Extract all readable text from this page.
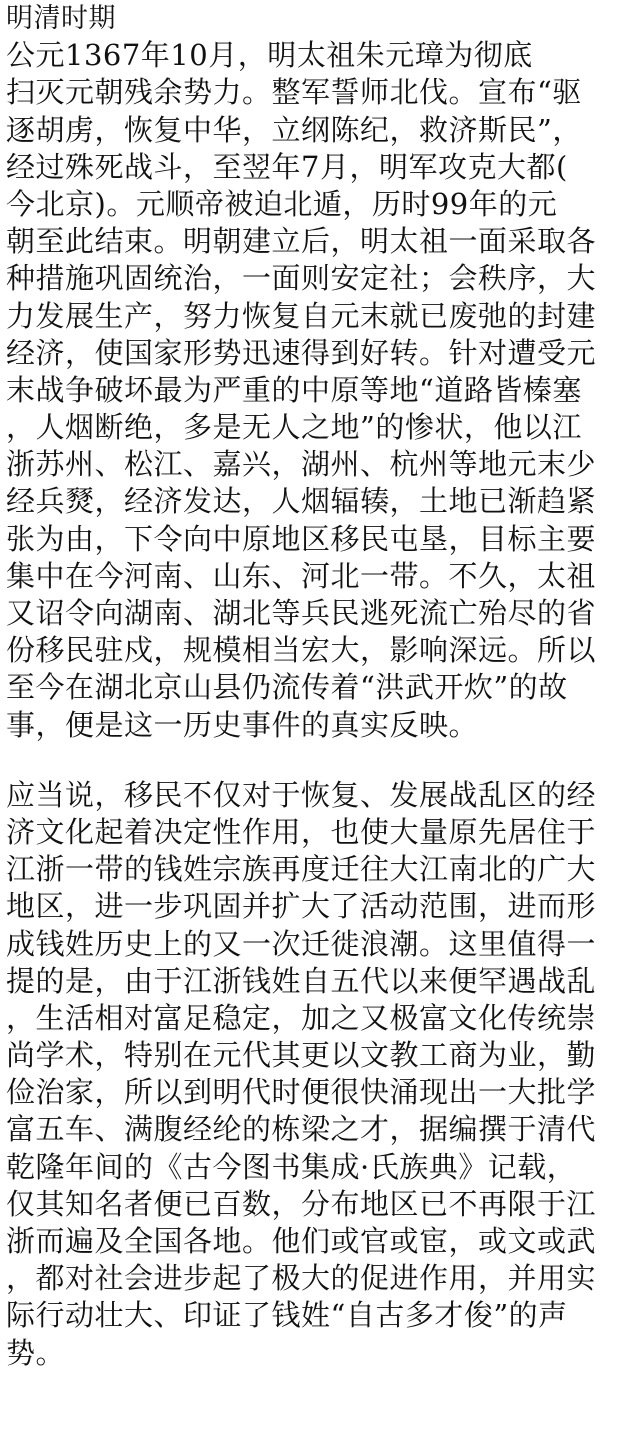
明清时期
公元1367年10月，明太祖朱元璋为彻底
扫灭元朝残余势力。整军誓师北伐。宣布“驱
逐胡虏，恢复中华，立纲陈纪，救济斯民”，
经过殊死战斗，至翌年7月，明军攻克大都(
今北京)。元顺帝被迫北遁，历时99年的元
朝至此结束。明朝建立后，明太祖一面采取各
种措施巩固统治，一面则安定社；会秩序，大
力发展生产，努力恢复自元末就已废弛的封建
经济，使国家形势迅速得到好转。针对遭受元
末战争破坏最为严重的中原等地“道路皆榛塞
，人烟断绝，多是无人之地”的惨状，他以江
浙苏州、松江、嘉兴，湖州、杭州等地元末少
经兵燹，经济发达，人烟辐辏，土地已渐趋紧
张为由，下令向中原地区移民屯垦，目标主要
集中在今河南、山东、河北一带。不久，太祖
又诏令向湖南、湖北等兵民逃死流亡殆尽的省
份移民驻戍，规模相当宏大，影响深远。所以
至今在湖北京山县仍流传着“洪武开炊”的故
事，便是这一历史事件的真实反映。
应当说，移民不仅对于恢复、发展战乱区的经
济文化起着决定性作用，也使大量原先居住于
江浙一带的钱姓宗族再度迁往大江南北的广大
地区，进一步巩固并扩大了活动范围，进而形
成钱姓历史上的又一次迁徙浪潮。这里值得一
提的是，由于江浙钱姓自五代以来便罕遇战乱
，生活相对富足稳定，加之又极富文化传统崇
尚学术，特别在元代其更以文教工商为业，勤
俭治家，所以到明代时便很快涌现出一大批学
富五车、满腹经纶的栋梁之才，据编撰于清代
乾隆年间的《古今图书集成·氏族典》记载，
仅其知名者便已百数，分布地区已不再限于江
浙而遍及全国各地。他们或官或宦，或文或武
，都对社会进步起了极大的促进作用，并用实
际行动壮大、印证了钱姓“自古多才俊”的声
势。
